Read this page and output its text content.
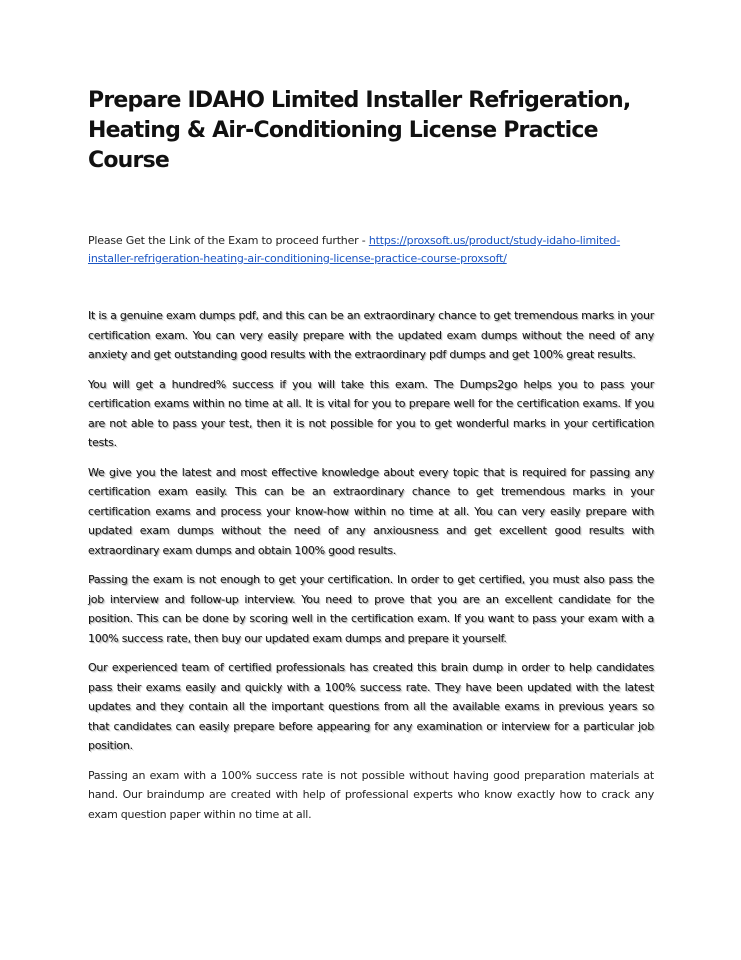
Prepare IDAHO Limited Installer Refrigeration,
Heating & Air-Conditioning License Practice Course

Please Get the Link of the Exam to proceed further - https://proxsoft.us/product/study-idaho-limited-installer-refrigeration-heating-air-conditioning-license-practice-course-proxsoft/

It is a genuine exam dumps pdf, and this can be an extraordinary chance to get tremendous marks in your certification exam. You can very easily prepare with the updated exam dumps without the need of any anxiety and get outstanding good results with the extraordinary pdf dumps and get 100% great results.

You will get a hundred% success if you will take this exam. The Dumps2go helps you to pass your certification exams within no time at all. It is vital for you to prepare well for the certification exams. If you are not able to pass your test, then it is not possible for you to get wonderful marks in your certification tests.

We give you the latest and most effective knowledge about every topic that is required for passing any certification exam easily. This can be an extraordinary chance to get tremendous marks in your certification exams and process your know-how within no time at all. You can very easily prepare with updated exam dumps without the need of any anxiousness and get excellent good results with extraordinary exam dumps and obtain 100% good results.

Passing the exam is not enough to get your certification. In order to get certified, you must also pass the job interview and follow-up interview. You need to prove that you are an excellent candidate for the position. This can be done by scoring well in the certification exam. If you want to pass your exam with a 100% success rate, then buy our updated exam dumps and prepare it yourself.

Our experienced team of certified professionals has created this brain dump in order to help candidates pass their exams easily and quickly with a 100% success rate. They have been updated with the latest updates and they contain all the important questions from all the available exams in previous years so that candidates can easily prepare before appearing for any examination or interview for a particular job position.

Passing an exam with a 100% success rate is not possible without having good preparation materials at hand. Our braindump are created with help of professional experts who know exactly how to crack any exam question paper within no time at all.
